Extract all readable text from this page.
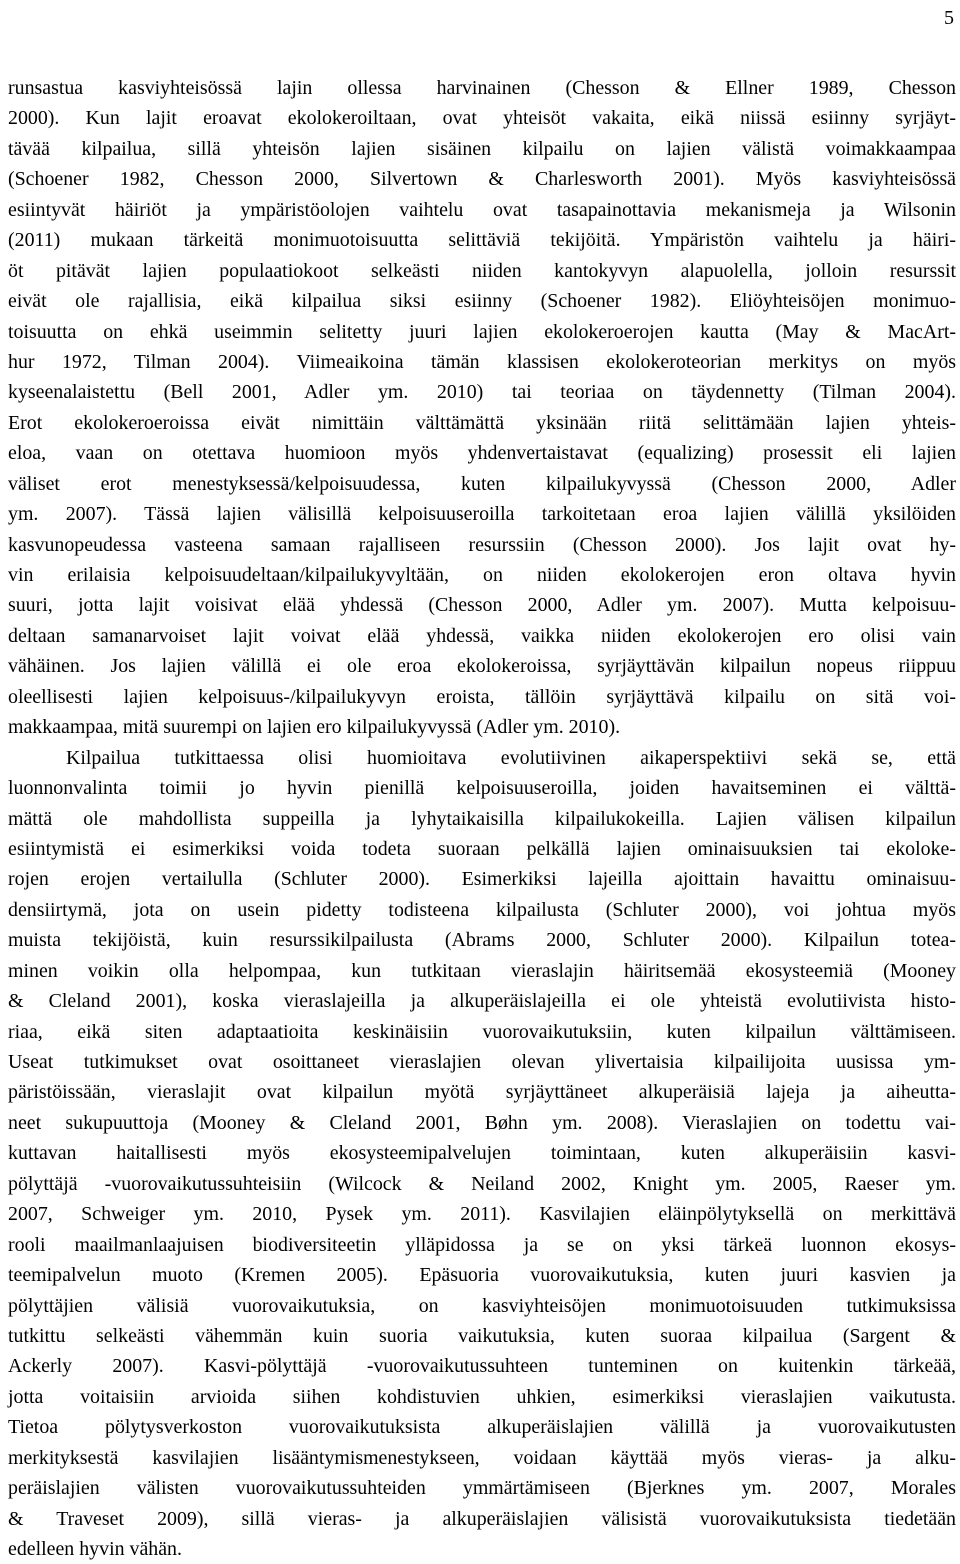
5
runsastua kasviyhteisössä lajin ollessa harvinainen (Chesson & Ellner 1989, Chesson
2000). Kun lajit eroavat ekolokeroiltaan, ovat yhteisöt vakaita, eikä niissä esiinny syrjäyt-
tävää kilpailua, sillä yhteisön lajien sisäinen kilpailu on lajien välistä voimakkaampaa
(Schoener 1982, Chesson 2000, Silvertown & Charlesworth 2001). Myös kasviyhteisössä
esiintyvät häiriöt ja ympäristöolojen vaihtelu ovat tasapainottavia mekanismeja ja Wilsonin
(2011) mukaan tärkeitä monimuotoisuutta selittäviä tekijöitä. Ympäristön vaihtelu ja häiri-
öt pitävät lajien populaatiokoot selkeästi niiden kantokyvyn alapuolella, jolloin resurssit
eivät ole rajallisia, eikä kilpailua siksi esiinny (Schoener 1982). Eliöyhteisöjen monimuo-
toisuutta on ehkä useimmin selitetty juuri lajien ekolokeroerojen kautta (May & MacArt-
hur 1972, Tilman 2004). Viimeaikoina tämän klassisen ekolokeroteorian merkitys on myös
kyseenalaistettu (Bell 2001, Adler ym. 2010) tai teoriaa on täydennetty (Tilman 2004).
Erot ekolokeroeroissa eivät nimittäin välttämättä yksinään riitä selittämään lajien yhteis-
eloa, vaan on otettava huomioon myös yhdenvertaistavat (equalizing) prosessit eli lajien
väliset erot menestyksessä/kelpoisuudessa, kuten kilpailukyvyssä (Chesson 2000, Adler
ym. 2007). Tässä lajien välisillä kelpoisuuseroilla tarkoitetaan eroa lajien välillä yksilöiden
kasvunopeudessa vasteena samaan rajalliseen resurssiin (Chesson 2000). Jos lajit ovat hy-
vin erilaisia kelpoisuudeltaan/kilpailukyvyltään, on niiden ekolokerojen eron oltava hyvin
suuri, jotta lajit voisivat elää yhdessä (Chesson 2000, Adler ym. 2007). Mutta kelpoisuu-
deltaan samanarvoiset lajit voivat elää yhdessä, vaikka niiden ekolokerojen ero olisi vain
vähäinen. Jos lajien välillä ei ole eroa ekolokeroissa, syrjäyttävän kilpailun nopeus riippuu
oleellisesti lajien kelpoisuus-/kilpailukyvyn eroista, tällöin syrjäyttävä kilpailu on sitä voi-
makkaampaa, mitä suurempi on lajien ero kilpailukyvyssä (Adler ym. 2010).
Kilpailua tutkittaessa olisi huomioitava evolutiivinen aikaperspektiivi sekä se, että
luonnonvalinta toimii jo hyvin pienillä kelpoisuuseroilla, joiden havaitseminen ei välttä-
mättä ole mahdollista suppeilla ja lyhytaikaisilla kilpailukokeilla. Lajien välisen kilpailun
esiintymistä ei esimerkiksi voida todeta suoraan pelkällä lajien ominaisuuksien tai ekoloke-
rojen erojen vertailulla (Schluter 2000). Esimerkiksi lajeilla ajoittain havaittu ominaisuu-
densiirtymä, jota on usein pidetty todisteena kilpailusta (Schluter 2000), voi johtua myös
muista tekijöistä, kuin resurssikilpailusta (Abrams 2000, Schluter 2000). Kilpailun totea-
minen voikin olla helpompaa, kun tutkitaan vieraslajin häiritsemää ekosysteemiä (Mooney
& Cleland 2001), koska vieraslajeilla ja alkuperäislajeilla ei ole yhteistä evolutiivista histo-
riaa, eikä siten adaptaatioita keskinäisiin vuorovaikutuksiin, kuten kilpailun välttämiseen.
Useat tutkimukset ovat osoittaneet vieraslajien olevan ylivertaisia kilpailijoita uusissa ym-
päristöissään, vieraslajit ovat kilpailun myötä syrjäyttäneet alkuperäisiä lajeja ja aiheutta-
neet sukupuuttoja (Mooney & Cleland 2001, Bøhn ym. 2008). Vieraslajien on todettu vai-
kuttavan haitallisesti myös ekosysteemipalvelujen toimintaan, kuten alkuperäisiin kasvi-
pölyttäjä -vuorovaikutussuhteisiin (Wilcock & Neiland 2002, Knight ym. 2005, Raeser ym.
2007, Schweiger ym. 2010, Pysek ym. 2011). Kasvilajien eläinpölytyksellä on merkittävä
rooli maailmanlaajuisen biodiversiteetin ylläpidossa ja se on yksi tärkeä luonnon ekosys-
teemipalvelun muoto (Kremen 2005). Epäsuoria vuorovaikutuksia, kuten juuri kasvien ja
pölyttäjien välisiä vuorovaikutuksia, on kasviyhteisöjen monimuotoisuuden tutkimuksissa
tutkittu selkeästi vähemmän kuin suoria vaikutuksia, kuten suoraa kilpailua (Sargent &
Ackerly 2007). Kasvi-pölyttäjä -vuorovaikutussuhteen tunteminen on kuitenkin tärkeää,
jotta voitaisiin arvioida siihen kohdistuvien uhkien, esimerkiksi vieraslajien vaikutusta.
Tietoa pölytysverkoston vuorovaikutuksista alkuperäislajien välillä ja vuorovaikutusten
merkityksestä kasvilajien lisääntymismenestykseen, voidaan käyttää myös vieras- ja alku-
peräislajien välisten vuorovaikutussuhteiden ymmärtämiseen (Bjerknes ym. 2007, Morales
& Traveset 2009), sillä vieras- ja alkuperäislajien välisistä vuorovaikutuksista tiedetään
edelleen hyvin vähän.
